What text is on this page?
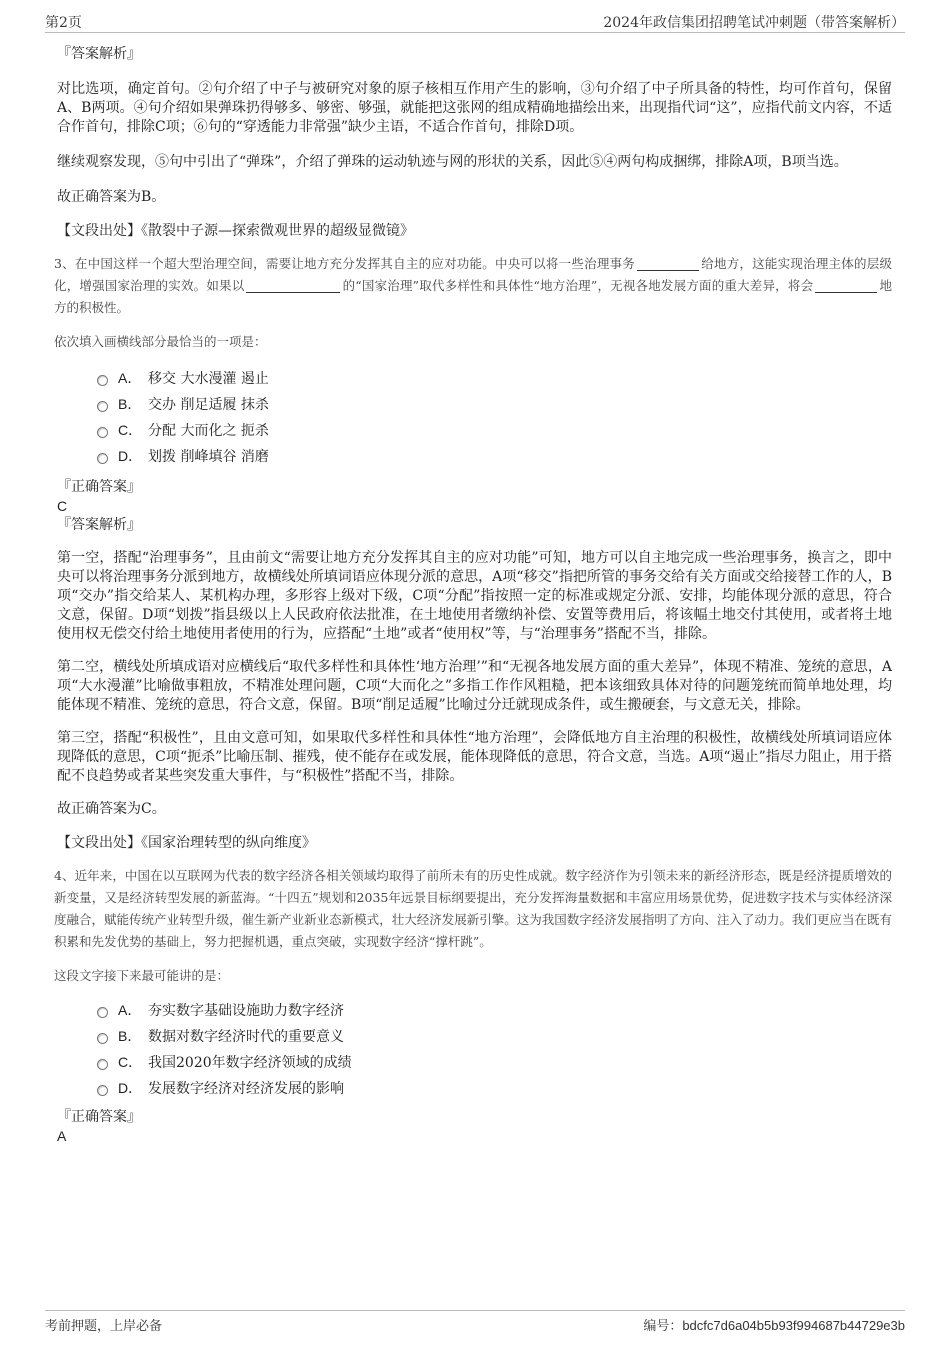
第2页	2024年政信集团招聘笔试冲刺题（带答案解析）

『答案解析』

对比选项，确定首句。②句介绍了中子与被研究对象的原子核相互作用产生的影响，③句介绍了中子所具备的特性，均可作首句，保留A、B两项。④句介绍如果弹珠扔得够多、够密、够强，就能把这张网的组成精确地描绘出来，出现指代词“这”，应指代前文内容，不适合作首句，排除C项；⑥句的“穿透能力非常强”缺少主语，不适合作首句，排除D项。

继续观察发现，⑤句中引出了“弹珠”，介绍了弹珠的运动轨迹与网的形状的关系，因此⑤④两句构成捆绑，排除A项，B项当选。

故正确答案为B。

【文段出处】《散裂中子源—探索微观世界的超级显微镜》

3、在中国这样一个超大型治理空间，需要让地方充分发挥其自主的应对功能。中央可以将一些治理事务	给地方，这能实现治理主体的层级化，增强国家治理的实效。如果以	的“国家治理”取代多样性和具体性“地方治理”，无视各地发展方面的重大差异，将会	地方的积极性。

依次填入画横线部分最恰当的一项是：

A． 移交 大水漫灌 遏止
B． 交办 削足适履 抹杀
C． 分配 大而化之 扼杀
D． 划拨 削峰填谷 消磨

『正确答案』

C

『答案解析』

第一空，搭配“治理事务”，且由前文“需要让地方充分发挥其自主的应对功能”可知，地方可以自主地完成一些治理事务，换言之，即中央可以将治理事务分派到地方，故横线处所填词语应体现分派的意思，A项“移交”指把所管的事务交给有关方面或交给接替工作的人，B项“交办”指交给某人、某机构办理，多形容上级对下级，C项“分配”指按照一定的标准或规定分派、安排，均能体现分派的意思，符合文意，保留。D项“划拨”指县级以上人民政府依法批准，在土地使用者缴纳补偿、安置等费用后，将该幅土地交付其使用，或者将土地使用权无偿交付给土地使用者使用的行为，应搭配“土地”或者“使用权”等，与“治理事务”搭配不当，排除。

第二空，横线处所填成语对应横线后“取代多样性和具体性‘地方治理’”和“无视各地发展方面的重大差异”，体现不精准、笼统的意思，A项“大水漫灌”比喻做事粗放，不精准处理问题，C项“大而化之”多指工作作风粗糙，把本该细致具体对待的问题笼统而简单地处理，均能体现不精准、笼统的意思，符合文意，保留。B项“削足适履”比喻过分迁就现成条件，或生搬硬套，与文意无关，排除。

第三空，搭配“积极性”，且由文意可知，如果取代多样性和具体性“地方治理”，会降低地方自主治理的积极性，故横线处所填词语应体现降低的意思，C项“扼杀”比喻压制、摧残，使不能存在或发展，能体现降低的意思，符合文意，当选。A项“遏止”指尽力阻止，用于搭配不良趋势或者某些突发重大事件，与“积极性”搭配不当，排除。

故正确答案为C。

【文段出处】《国家治理转型的纵向维度》

4、近年来，中国在以互联网为代表的数字经济各相关领域均取得了前所未有的历史性成就。数字经济作为引领未来的新经济形态，既是经济提质增效的新变量，又是经济转型发展的新蓝海。“十四五”规划和2035年远景目标纲要提出，充分发挥海量数据和丰富应用场景优势，促进数字技术与实体经济深度融合，赋能传统产业转型升级，催生新产业新业态新模式，壮大经济发展新引擎。这为我国数字经济发展指明了方向、注入了动力。我们更应当在既有积累和先发优势的基础上，努力把握机遇，重点突破，实现数字经济“撑杆跳”。

这段文字接下来最可能讲的是：

A． 夯实数字基础设施助力数字经济
B． 数据对数字经济时代的重要意义
C． 我国2020年数字经济领域的成绩
D． 发展数字经济对经济发展的影响

『正确答案』

A

考前押题，上岸必备	编号：bdcfc7d6a04b5b93f994687b44729e3b
